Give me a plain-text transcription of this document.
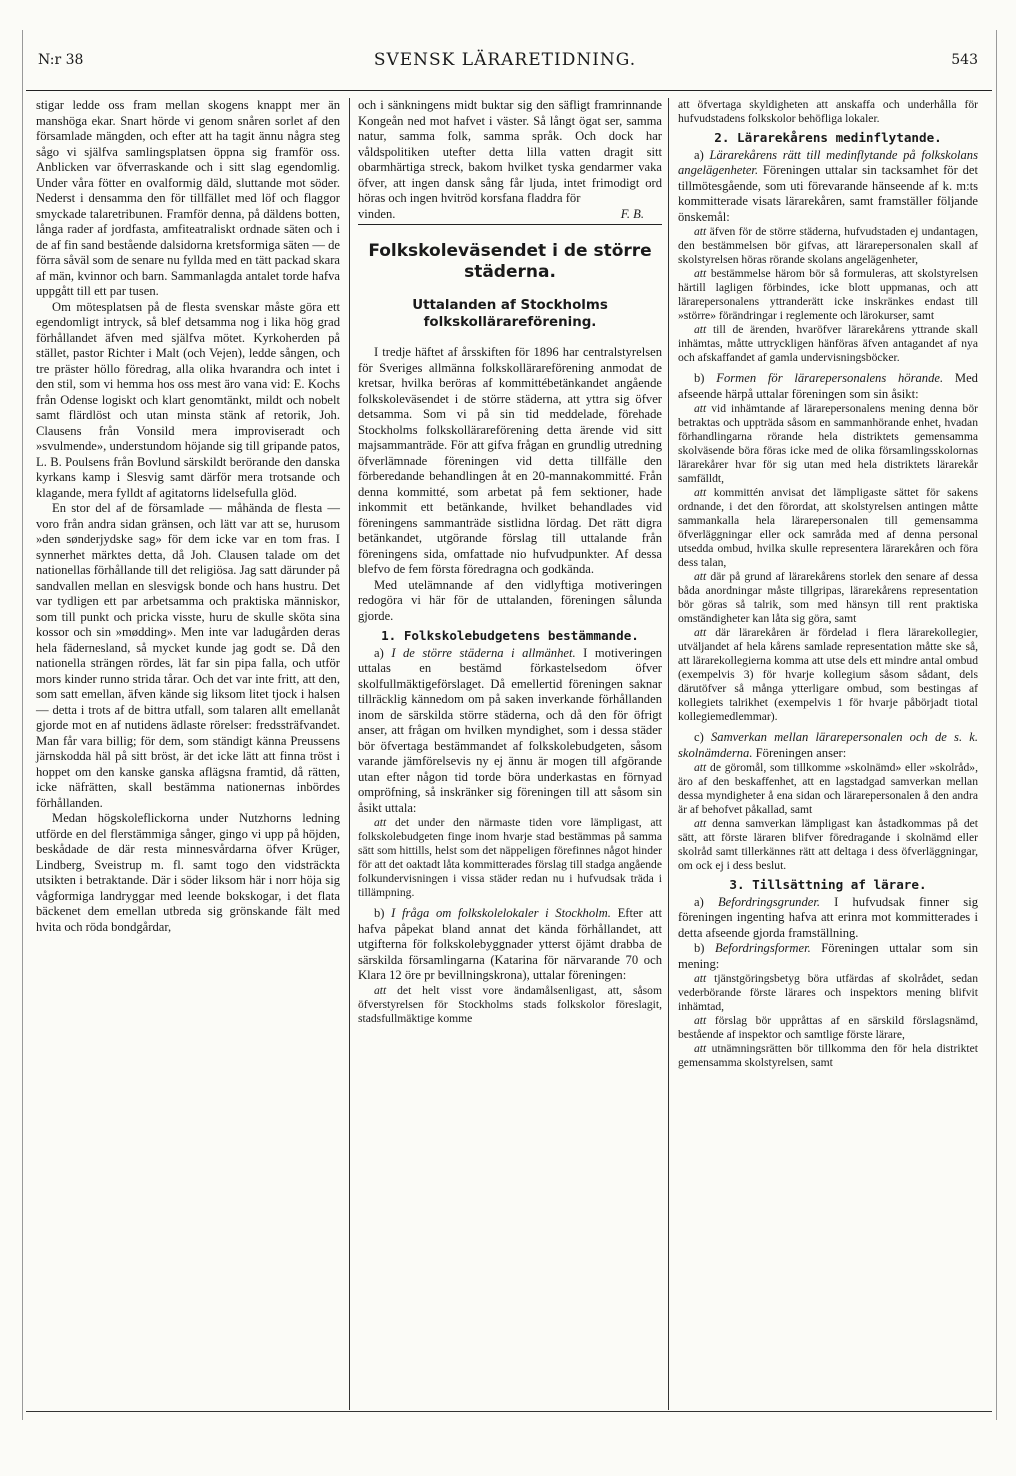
N:r 38	SVENSK LÄRARETIDNING.	543

stigar ledde oss fram mellan skogens knappt mer än manshöga ekar. Snart hörde vi genom snåren sorlet af den församlade mängden, och efter att ha tagit ännu några steg sågo vi själfva samlingsplatsen öppna sig framför oss. Anblicken var öfverraskande och i sitt slag egendomlig. Under våra fötter en ovalformig däld, sluttande mot söder. Nederst i densamma den för tillfället med löf och flaggor smyckade talaretribunen. Framför denna, på däldens botten, långa rader af jordfasta, amfiteatraliskt ordnade säten och i de af fin sand bestående dalsidorna kretsformiga säten — de förra såväl som de senare nu fyllda med en tätt packad skara af män, kvinnor och barn. Sammanlagda antalet torde hafva uppgått till ett par tusen.

Om mötesplatsen på de flesta svenskar måste göra ett egendomligt intryck, så blef detsamma nog i lika hög grad förhållandet äfven med själfva mötet. Kyrkoherden på stället, pastor Richter i Malt (och Vejen), ledde sången, och tre präster höllo föredrag, alla olika hvarandra och intet i den stil, som vi hemma hos oss mest äro vana vid: E. Kochs från Odense logiskt och klart genomtänkt, mildt och nobelt samt flärdlöst och utan minsta stänk af retorik, Joh. Clausens från Vonsild mera improviseradt och »svulmende», understundom höjande sig till gripande patos, L. B. Poulsens från Bovlund särskildt berörande den danska kyrkans kamp i Slesvig samt därför mera trotsande och klagande, mera fylldt af agitatorns lidelsefulla glöd.

En stor del af de församlade — måhända de flesta — voro från andra sidan gränsen, och lätt var att se, hurusom »den sønderjydske sag» för dem icke var en tom fras. I synnerhet märktes detta, då Joh. Clausen talade om det nationellas förhållande till det religiösa. Jag satt därunder på sandvallen mellan en slesvigsk bonde och hans hustru. Det var tydligen ett par arbetsamma och praktiska människor, som till punkt och pricka visste, huru de skulle sköta sina kossor och sin »mødding». Men inte var ladugården deras hela fädernesland, så mycket kunde jag godt se. Då den nationella strängen rördes, lät far sin pipa falla, och utför mors kinder runno strida tårar. Och det var inte fritt, att den, som satt emellan, äfven kände sig liksom litet tjock i halsen — detta i trots af de bittra utfall, som talaren allt emellanåt gjorde mot en af nutidens ädlaste rörelser: fredssträfvandet. Man får vara billig; för dem, som ständigt känna Preussens järnskodda häl på sitt bröst, är det icke lätt att finna tröst i hoppet om den kanske ganska aflägsna framtid, då rätten, icke näfrätten, skall bestämma nationernas inbördes förhållanden.

Medan högskoleflickorna under Nutzhorns ledning utförde en del flerstämmiga sånger, gingo vi upp på höjden, beskådade de där resta minnesvårdarna öfver Krüger, Lindberg, Sveistrup m. fl. samt togo den vidsträckta utsikten i betraktande. Där i söder liksom här i norr höja sig vågformiga landryggar med leende bokskogar, i det flata bäckenet dem emellan utbreda sig grönskande fält med hvita och röda bondgårdar,

och i sänkningens midt buktar sig den säfligt framrinnande Kongeån ned mot hafvet i väster. Så långt ögat ser, samma natur, samma folk, samma språk. Och dock har våldspolitiken utefter detta lilla vatten dragit sitt obarmhärtiga streck, bakom hvilket tyska gendarmer vaka öfver, att ingen dansk sång får ljuda, intet frimodigt ord höras och ingen hvitröd korsfana fladdra för

vinden.	F. B.
Folkskoleväsendet i de större städerna.
Uttalanden af Stockholms folkskollärareförening.

I tredje häftet af årsskiften för 1896 har centralstyrelsen för Sveriges allmänna folkskollärareförening anmodat de kretsar, hvilka beröras af kommittébetänkandet angående folkskoleväsendet i de större städerna, att yttra sig öfver detsamma. Som vi på sin tid meddelade, förehade Stockholms folkskollärareförening detta ärende vid sitt majsammanträde. För att gifva frågan en grundlig utredning öfverlämnade föreningen vid detta tillfälle den förberedande behandlingen åt en 20-mannakommitté. Från denna kommitté, som arbetat på fem sektioner, hade inkommit ett betänkande, hvilket behandlades vid föreningens sammanträde sistlidna lördag. Det rätt digra betänkandet, utgörande förslag till uttalande från föreningens sida, omfattade nio hufvudpunkter. Af dessa blefvo de fem första föredragna och godkända.

Med utelämnande af den vidlyftiga motiveringen redogöra vi här för de uttalanden, föreningen sålunda gjorde.

1. Folkskolebudgetens bestämmande.

a) I de större städerna i allmänhet. I motiveringen uttalas en bestämd förkastelsedom öfver skolfullmäktigeförslaget. Då emellertid föreningen saknar tillräcklig kännedom om på saken inverkande förhållanden inom de särskilda större städerna, och då den för öfrigt anser, att frågan om hvilken myndighet, som i dessa städer bör öfvertaga bestämmandet af folkskolebudgeten, såsom varande jämförelsevis ny ej ännu är mogen till afgörande utan efter någon tid torde böra underkastas en förnyad ompröfning, så inskränker sig föreningen till att såsom sin åsikt uttala:

att det under den närmaste tiden vore lämpligast, att folkskolebudgeten finge inom hvarje stad bestämmas på samma sätt som hittills, helst som det näppeligen förefinnes något hinder för att det oaktadt låta kommitterades förslag till stadga angående folkundervisningen i vissa städer redan nu i hufvudsak träda i tillämpning.

b) I fråga om folkskolelokaler i Stockholm. Efter att hafva påpekat bland annat det kända förhållandet, att utgifterna för folkskolebyggnader ytterst öjämt drabba de särskilda församlingarna (Katarina för närvarande 70 och Klara 12 öre pr bevillningskrona), uttalar föreningen:

att det helt visst vore ändamålsenligast, att, såsom öfverstyrelsen för Stockholms stads folkskolor föreslagit, stadsfullmäktige komme

att öfvertaga skyldigheten att anskaffa och underhålla för hufvudstadens folkskolor behöfliga lokaler.

2. Lärarekårens medinflytande.

a) Lärarekårens rätt till medinflytande på folkskolans angelägenheter. Föreningen uttalar sin tacksamhet för det tillmötesgående, som uti förevarande hänseende af k. m:ts kommitterade visats lärarekåren, samt framställer följande önskemål:

att äfven för de större städerna, hufvudstaden ej undantagen, den bestämmelsen bör gifvas, att lärarepersonalen skall af skolstyrelsen höras rörande skolans angelägenheter,

att bestämmelse härom bör så formuleras, att skolstyrelsen härtill lagligen förbindes, icke blott uppmanas, och att lärarepersonalens yttranderätt icke inskränkes endast till »större» förändringar i reglemente och lärokurser, samt

att till de ärenden, hvaröfver lärarekårens yttrande skall inhämtas, måtte uttryckligen hänföras äfven antagandet af nya och afskaffandet af gamla undervisningsböcker.

b) Formen för lärarepersonalens hörande. Med afseende härpå uttalar föreningen som sin åsikt:

att vid inhämtande af lärarepersonalens mening denna bör betraktas och uppträda såsom en sammanhörande enhet, hvadan förhandlingarna rörande hela distriktets gemensamma skolväsende böra föras icke med de olika församlingsskolornas lärarekårer hvar för sig utan med hela distriktets lärarekår samfälldt,

att kommittén anvisat det lämpligaste sättet för sakens ordnande, i det den förordat, att skolstyrelsen antingen måtte sammankalla hela lärarepersonalen till gemensamma öfverläggningar eller ock samråda med af denna personal utsedda ombud, hvilka skulle representera lärarekåren och föra dess talan,

att där på grund af lärarekårens storlek den senare af dessa båda anordningar måste tillgripas, lärarekårens representation bör göras så talrik, som med hänsyn till rent praktiska omständigheter kan låta sig göra, samt

att där lärarekåren är fördelad i flera lärarekollegier, utväljandet af hela kårens samlade representation måtte ske så, att lärarekollegierna komma att utse dels ett mindre antal ombud (exempelvis 3) för hvarje kollegium såsom sådant, dels därutöfver så många ytterligare ombud, som bestingas af kollegiets talrikhet (exempelvis 1 för hvarje påbörjadt tiotal kollegiemedlemmar).

c) Samverkan mellan lärarepersonalen och de s. k. skolnämderna. Föreningen anser:

att de göromål, som tillkomme »skolnämd» eller »skolråd», äro af den beskaffenhet, att en lagstadgad samverkan mellan dessa myndigheter å ena sidan och lärarepersonalen å den andra är af behofvet påkallad, samt

att denna samverkan lämpligast kan åstadkommas på det sätt, att förste läraren blifver föredragande i skolnämd eller skolråd samt tillerkännes rätt att deltaga i dess öfverläggningar, om ock ej i dess beslut.

3. Tillsättning af lärare.

a) Befordringsgrunder. I hufvudsak finner sig föreningen ingenting hafva att erinra mot kommitterades i detta afseende gjorda framställning.

b) Befordringsformer. Föreningen uttalar som sin mening:

att tjänstgöringsbetyg böra utfärdas af skolrådet, sedan vederbörande förste lärares och inspektors mening blifvit inhämtad,

att förslag bör uppråttas af en särskild förslagsnämd, bestående af inspektor och samtlige förste lärare,

att utnämningsrätten bör tillkomma den för hela distriktet gemensamma skolstyrelsen, samt
